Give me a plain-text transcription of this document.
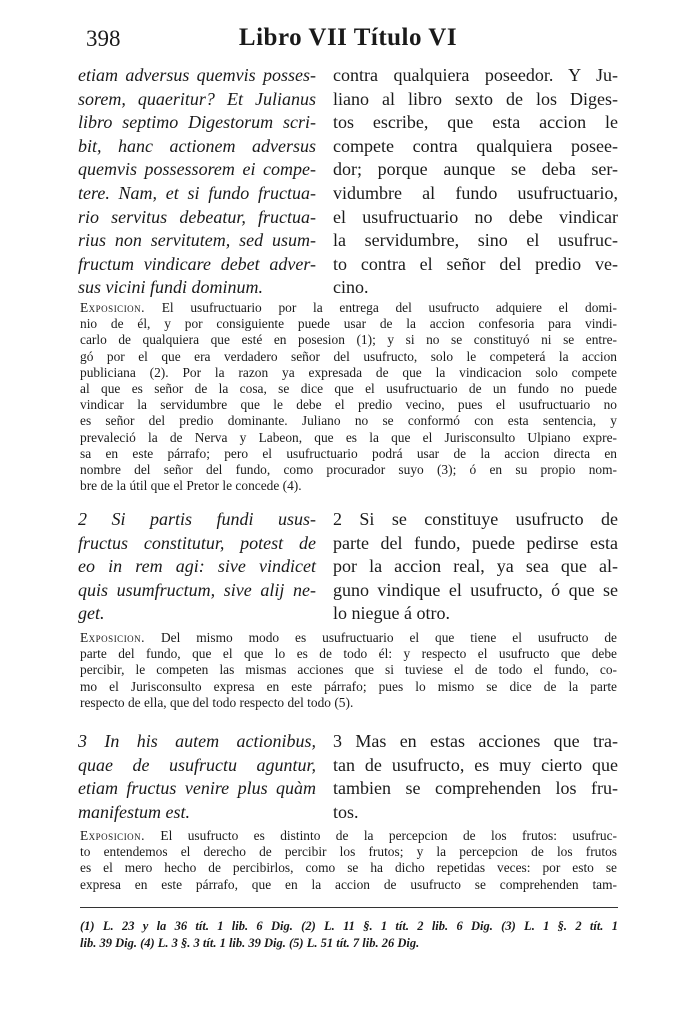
398	Libro VII Título VI
etiam adversus quemvis posses-
sorem, quaeritur? Et Julianus
libro septimo Digestorum scri-
bit, hanc actionem adversus
quemvis possessorem ei compe-
tere. Nam, et si fundo fructua-
rio servitus debeatur, fructua-
rius non servitutem, sed usum-
fructum vindicare debet adver-
sus vicini fundi dominum.
contra qualquiera poseedor. Y Ju-
liano al libro sexto de los Diges-
tos escribe, que esta accion le
compete contra qualquiera posee-
dor; porque aunque se deba ser-
vidumbre al fundo usufructuario,
el usufructuario no debe vindicar
la servidumbre, sino el usufruc-
to contra el señor del predio ve-
cino.
Exposicion. El usufructuario por la entrega del usufructo adquiere el domi-
nio de él, y por consiguiente puede usar de la accion confesoria para vindi-
carlo de qualquiera que esté en posesion (1); y si no se constituyó ni se entre-
gó por el que era verdadero señor del usufructo, solo le competerá la accion
publiciana (2). Por la razon ya expresada de que la vindicacion solo compete
al que es señor de la cosa, se dice que el usufructuario de un fundo no puede
vindicar la servidumbre que le debe el predio vecino, pues el usufructuario no
es señor del predio dominante. Juliano no se conformó con esta sentencia, y
prevaleció la de Nerva y Labeon, que es la que el Jurisconsulto Ulpiano expre-
sa en este párrafo; pero el usufructuario podrá usar de la accion directa en
nombre del señor del fundo, como procurador suyo (3); ó en su propio nom-
bre de la útil que el Pretor le concede (4).
2 Si partis fundi usus-
fructus constitutur, potest de
eo in rem agi: sive vindicet
quis usumfructum, sive alij ne-
get.
2 Si se constituye usufructo de
parte del fundo, puede pedirse esta
por la accion real, ya sea que al-
guno vindique el usufructo, ó que se
lo niegue á otro.
Exposicion. Del mismo modo es usufructuario el que tiene el usufructo de
parte del fundo, que el que lo es de todo él: y respecto el usufructo que debe
percibir, le competen las mismas acciones que si tuviese el de todo el fundo, co-
mo el Jurisconsulto expresa en este párrafo; pues lo mismo se dice de la parte
respecto de ella, que del todo respecto del todo (5).
3 In his autem actionibus,
quae de usufructu aguntur,
etiam fructus venire plus quàm
manifestum est.
3 Mas en estas acciones que tra-
tan de usufructo, es muy cierto que
tambien se comprehenden los fru-
tos.
Exposicion. El usufructo es distinto de la percepcion de los frutos: usufruc-
to entendemos el derecho de percibir los frutos; y la percepcion de los frutos
es el mero hecho de percibirlos, como se ha dicho repetidas veces: por esto se
expresa en este párrafo, que en la accion de usufructo se comprehenden tam-
(1) L. 23 y la 36 tít. 1 lib. 6 Dig. (2) L. 11 §. 1 tít. 2 lib. 6 Dig. (3) L. 1 §. 2 tít. 1
lib. 39 Dig. (4) L. 3 §. 3 tít. 1 lib. 39 Dig. (5) L. 51 tít. 7 lib. 26 Dig.
